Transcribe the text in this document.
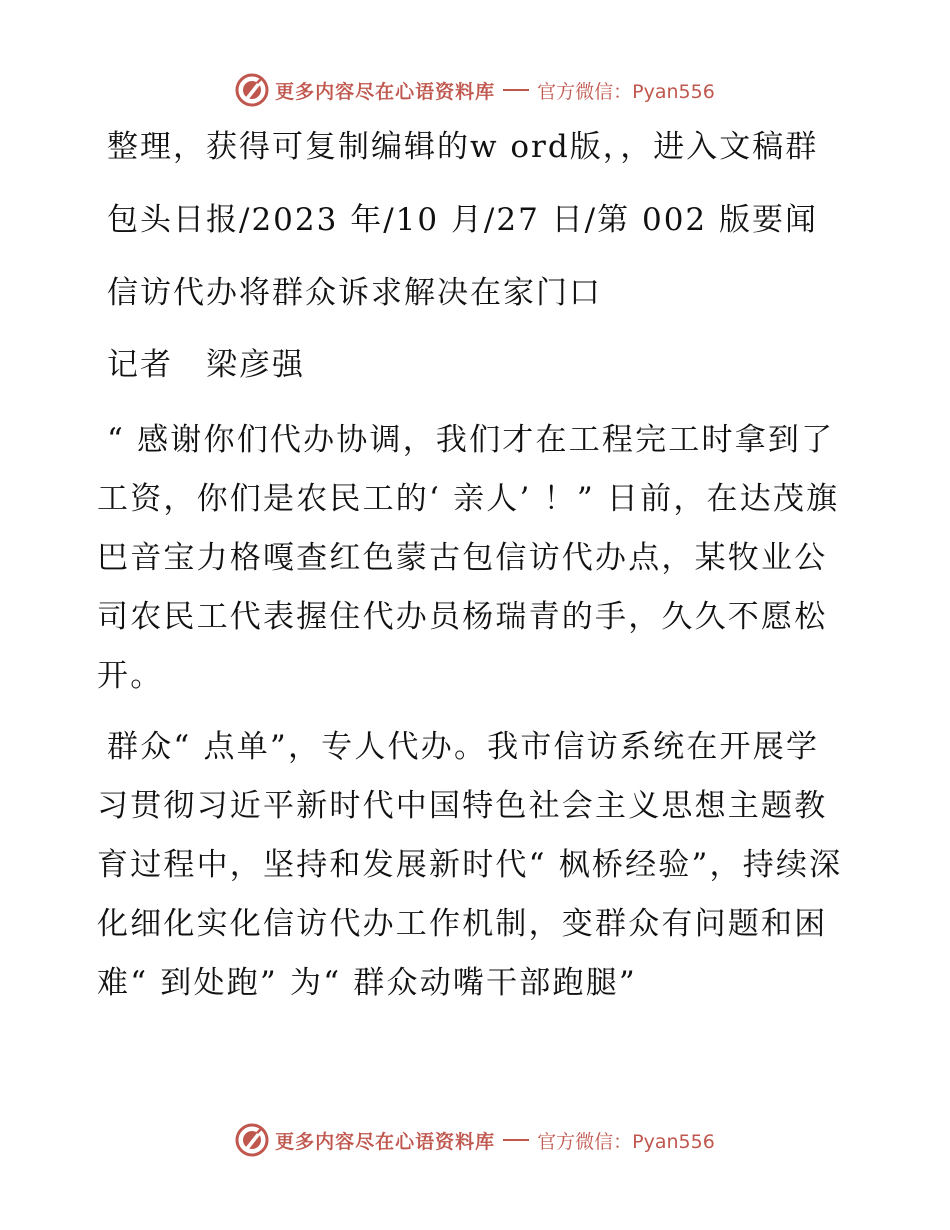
更多内容尽在心语资料库 官方微信：Pyan556

整理，获得可复制编辑的w ord版，，进入文稿群

包头日报/2023 年/10 月/27 日/第 002 版要闻

信访代办将群众诉求解决在家门口

记者　梁彦强

“ 感谢你们代办协调，我们才在工程完工时拿到了工资，你们是农民工的‘ 亲人’ ！” 日前，在达茂旗巴音宝力格嘎查红色蒙古包信访代办点，某牧业公司农民工代表握住代办员杨瑞青的手，久久不愿松开。

群众“ 点单”，专人代办。我市信访系统在开展学习贯彻习近平新时代中国特色社会主义思想主题教育过程中，坚持和发展新时代“ 枫桥经验”，持续深化细化实化信访代办工作机制，变群众有问题和困难“ 到处跑” 为“ 群众动嘴干部跑腿”

更多内容尽在心语资料库 官方微信：Pyan556
